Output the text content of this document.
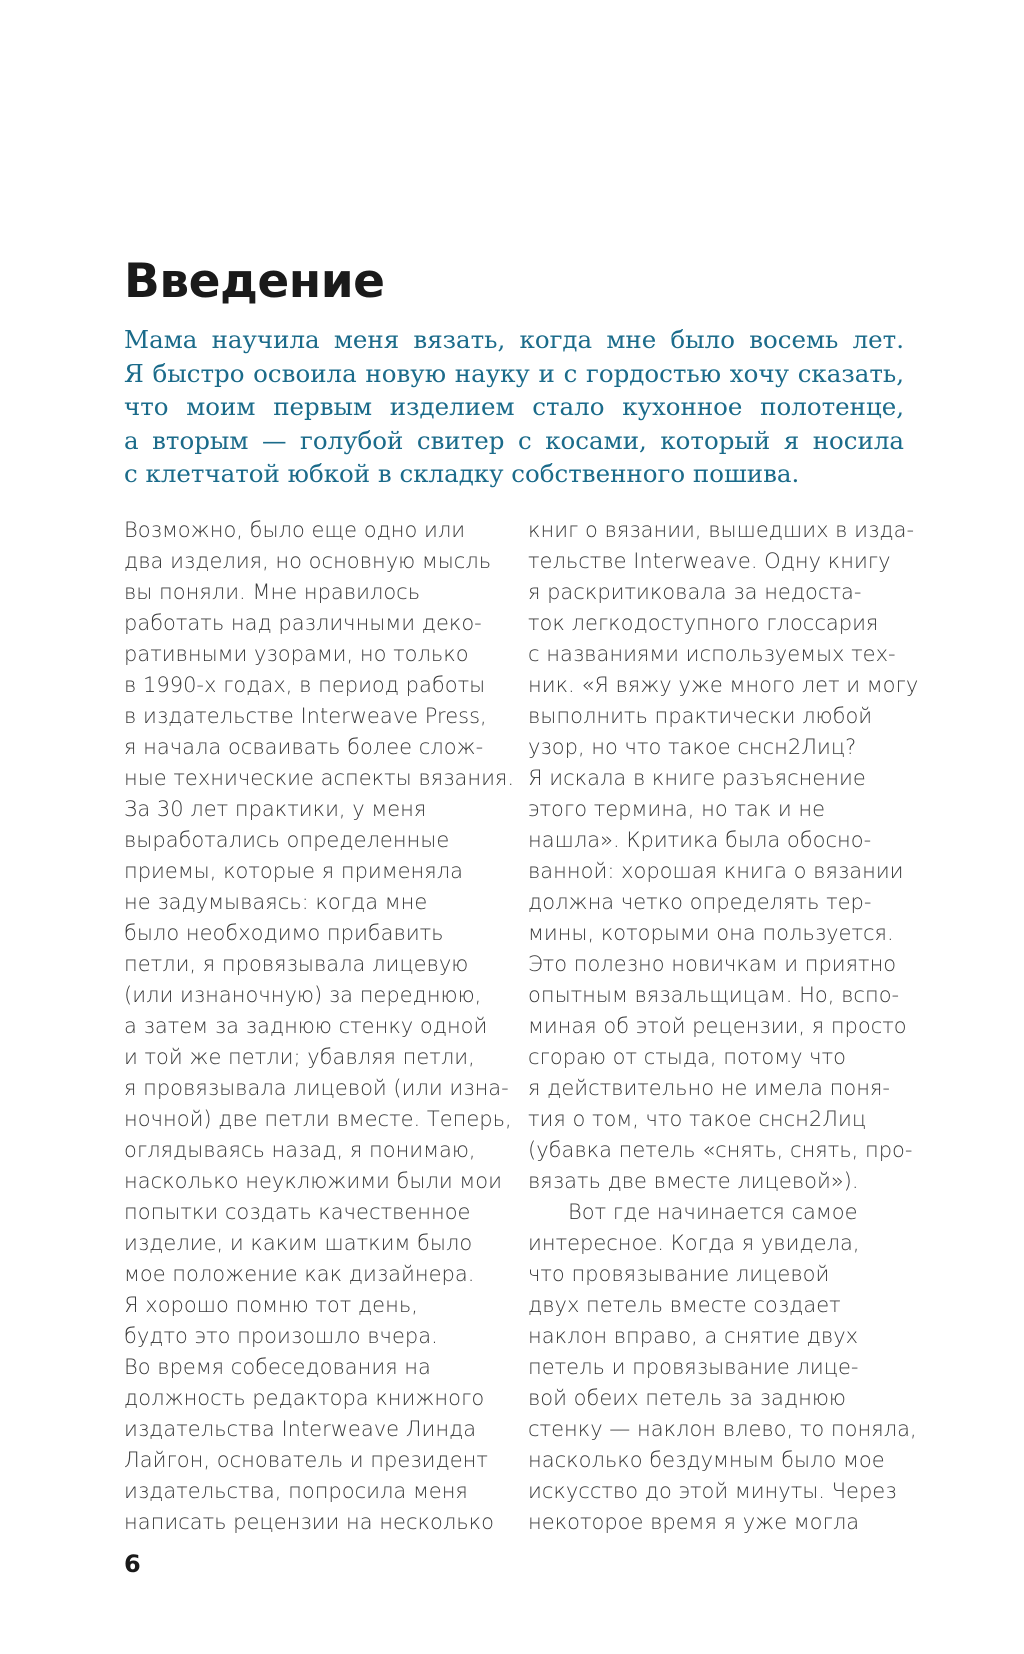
Введение
Мама научила меня вязать, когда мне было восемь лет.
Я быстро освоила новую науку и с гордостью хочу сказать,
что моим первым изделием стало кухонное полотенце,
а вторым — голубой свитер с косами, который я носила
с клетчатой юбкой в складку собственного пошива.

Возможно, было еще одно или
два изделия, но основную мысль
вы поняли. Мне нравилось
работать над различными деко-
ративными узорами, но только
в 1990-х годах, в период работы
в издательстве Interweave Press,
я начала осваивать более слож-
ные технические аспекты вязания.
За 30 лет практики, у меня
выработались определенные
приемы, которые я применяла
не задумываясь: когда мне
было необходимо прибавить
петли, я провязывала лицевую
(или изнаночную) за переднюю,
а затем за заднюю стенку одной
и той же петли; убавляя петли,
я провязывала лицевой (или изна-
ночной) две петли вместе. Теперь,
оглядываясь назад, я понимаю,
насколько неуклюжими были мои
попытки создать качественное
изделие, и каким шатким было
мое положение как дизайнера.
Я хорошо помню тот день,
будто это произошло вчера.
Во время собеседования на
должность редактора книжного
издательства Interweave Линда
Лайгон, основатель и президент
издательства, попросила меня
написать рецензии на несколько

книг о вязании, вышедших в изда-
тельстве Interweave. Одну книгу
я раскритиковала за недоста-
ток легкодоступного глоссария
с названиями используемых тех-
ник. «Я вяжу уже много лет и могу
выполнить практически любой
узор, но что такое снсн2Лиц?
Я искала в книге разъяснение
этого термина, но так и не
нашла». Критика была обосно-
ванной: хорошая книга о вязании
должна четко определять тер-
мины, которыми она пользуется.
Это полезно новичкам и приятно
опытным вязальщицам. Но, вспо-
миная об этой рецензии, я просто
сгораю от стыда, потому что
я действительно не имела поня-
тия о том, что такое снсн2Лиц
(убавка петель «снять, снять, про-
вязать две вместе лицевой»).

Вот где начинается самое
интересное. Когда я увидела,
что провязывание лицевой
двух петель вместе создает
наклон вправо, а снятие двух
петель и провязывание лице-
вой обеих петель за заднюю
стенку — наклон влево, то поняла,
насколько бездумным было мое
искусство до этой минуты. Через
некоторое время я уже могла

6
